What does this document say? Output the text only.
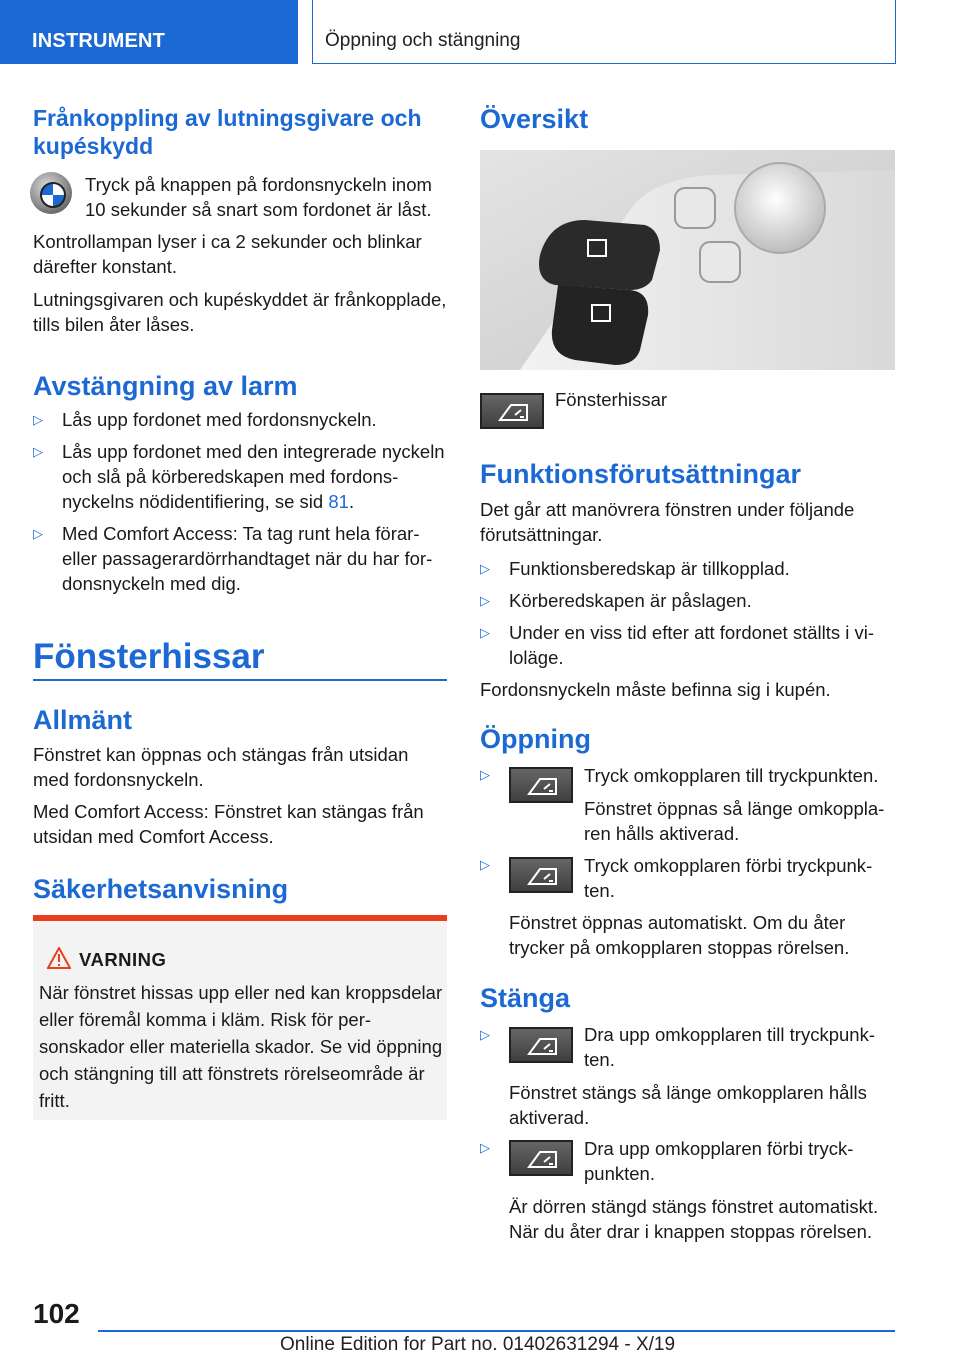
INSTRUMENT	Öppning och stängning
Frånkoppling av lutningsgivare och kupéskydd

Tryck på knappen på fordonsnyckeln inom 10 sekunder så snart som fordonet är låst.

Kontrollampan lyser i ca 2 sekunder och blinkar därefter konstant.

Lutningsgivaren och kupéskyddet är frånkopplade, tills bilen åter låses.

Avstängning av larm
▷ Lås upp fordonet med fordonsnyckeln.
▷ Lås upp fordonet med den integrerade nyckeln och slå på körberedskapen med fordonsnyckelns nödidentifiering, se sid 81.
▷ Med Comfort Access: Ta tag runt hela förar- eller passagerardörrhandtaget när du har fordonsnyckeln med dig.
Fönsterhissar
Allmänt

Fönstret kan öppnas och stängas från utsidan med fordonsnyckeln.

Med Comfort Access: Fönstret kan stängas från utsidan med Comfort Access.

Säkerhetsanvisning
VARNING
När fönstret hissas upp eller ned kan kroppsdelar eller föremål komma i kläm. Risk för personskador eller materiella skador. Se vid öppning och stängning till att fönstrets rörelseområde är fritt.
Översikt

Fönsterhissar

Funktionsförutsättningar

Det går att manövrera fönstren under följande förutsättningar.

▷ Funktionsberedskap är tillkopplad.
▷ Körberedskapen är påslagen.
▷ Under en viss tid efter att fordonet ställts i viloläge.

Fordonsnyckeln måste befinna sig i kupén.

Öppning
▷	Tryck omkopplaren till tryckpunkten.

Fönstret öppnas så länge omkopplaren hålls aktiverad.

▷	Tryck omkopplaren förbi tryckpunkten.

Fönstret öppnas automatiskt. Om du åter trycker på omkopplaren stoppas rörelsen.

Stänga
▷	Dra upp omkopplaren till tryckpunkten.

Fönstret stängs så länge omkopplaren hålls aktiverad.

▷	Dra upp omkopplaren förbi tryckpunkten.

Är dörren stängd stängs fönstret automatiskt. När du åter drar i knappen stoppas rörelsen.

102
Online Edition for Part no. 01402631294 - X/19
